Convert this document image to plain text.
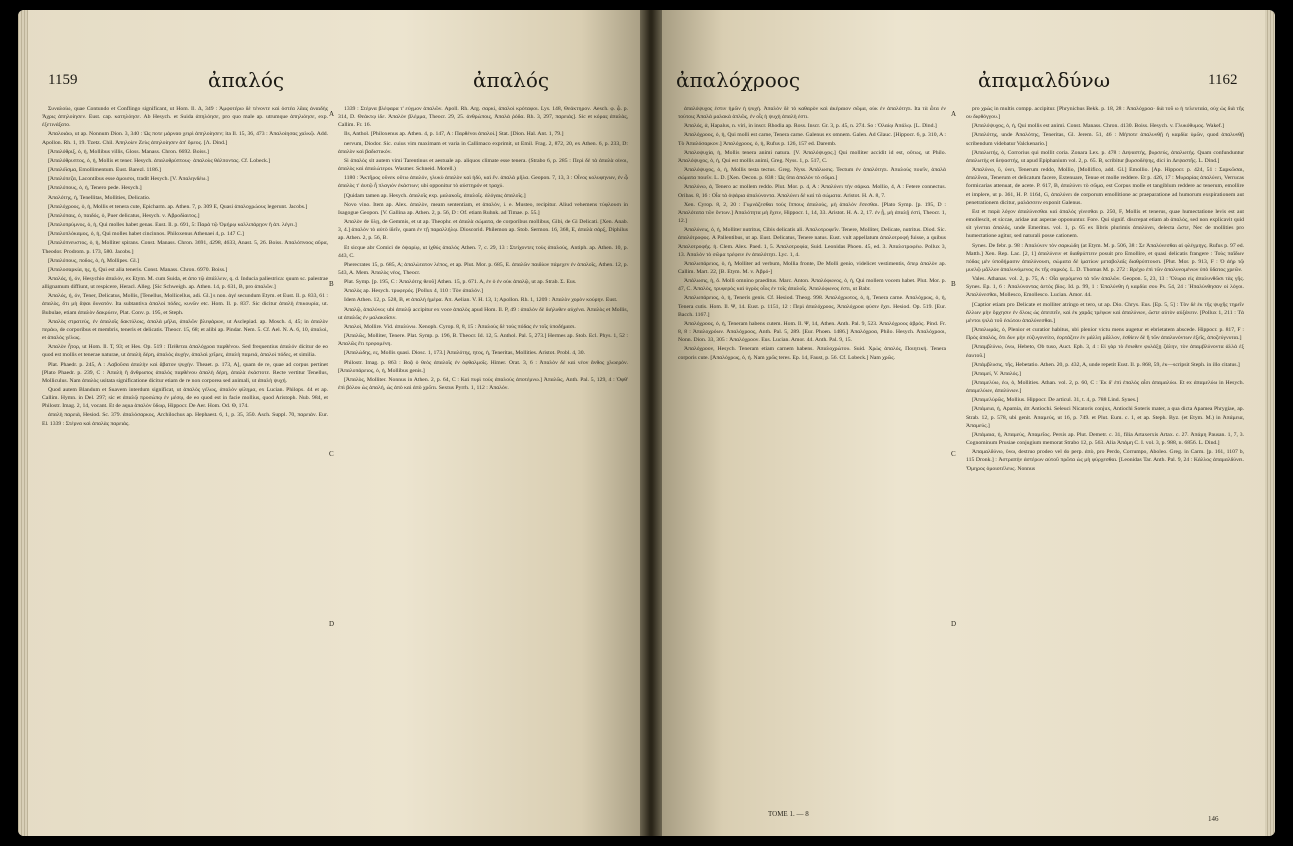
1159	ἀπαλός	ἀπαλός

Συναλοίω, quae Contundo et Conflingo significant, ut Hom. Il. Δ, 349 : Ἀμφοτέρω δὲ τένοντε καὶ ὀστέα λᾶας ἀναιδὴς Ἄχρις ἀπηλοίησεν. Eust. cap. κατηλόησε. Ab Hesych. et Suida ἀπηλόησε, pro quo male ap. utrumque ἀπηλιόησε, exp. ἐξετινάξατο.

Ἀπαλοιάω, ut ap. Nonnum Dion. 3, 340 : Ὡς ποτε μάρναο χειρὶ ἀπηλοίησεν; ita Il. 15, 36, 473 : Ἀπαλοίησας χαλκῷ. Add. Apollon. Rh. 1, 19. Tzetz. Chil. Ἀπηλοίεν Ζεὺς ἀπηλοίησεν ἀπ' ὄρεος. [Λ. Dind.]

[Ἀπαλόθριξ, ὁ, ἡ, Mollibus villis, Gloss. Manass. Chron. 6692. Boiss.]

[Ἀπαλόθρυπτος, ὁ, ἡ, Mollis et tener. Hesych. ἀπαλοθρύπτους· ἀπαλοὺς θάλποντας. Cf. Lobeck.]

[Ἀπαλόϊσμα, Emollimentum. Eust. Barezl. 1186.]

[Ἀπαλόπεζα, Lacontibus esse ἀμοισοι, tradit Hesych. [V. Ἀπαληνδέω.]

[Ἀπαλόπους, ὁ, ἡ, Tenero pede. Hesych.]

Ἀπαλότης, ἡ, Tenellitas, Mollities, Delicatio.

[Ἀπαλόχροος, ὁ, ἡ, Mollis et tenera cute, Epicharm. ap. Athen. 7, p. 309 E, Quasi ἀπαλοχρώους legerunt. Jacobs.]

[Ἀπαλόπαις, ὁ, παιδός, ὁ, Puer delicatus, Hesych. v. Ἁβροδίαιτος.]

[Ἀπαλοπρύμνος, ὁ, ἡ, Qui molles habet genas. Eust. Il. p. 691, 5: Παρὰ τῷ Ὁμήρῳ καλλιπάρῃον ἢ ἀπ. λέγει.]

[Ἀπαλοπλόκαμος, ὁ, ἡ, Qui molles habet cincinnos. Philoxenus Athenaei 4, p. 147 C.]

[Ἀπαλόπνευστος, ὁ, ἡ, Molliter spirans. Const. Manass. Chron. 3691, 4298, 4633, Anast. 5, 26. Boiss. Ἀπαλόπνοος αὔρα, Theodor. Prodrom. p. 173, 580. Jacobs.]

[Ἀπαλόπους, ποδος, ὁ, ἡ, Mollipes. Gl.]

[Ἀπαλοσαρκία, ης, ἡ, Qui est alia teneris. Const. Manass. Chron. 6970. Boiss.]

Ἀπαλός, ή, όν, Hesychio ἁπαλόν, ex Etym. M. cum Suida, et ἀπο τῷ ἁπάλλειν, q. d. Inducia paliestrica: quum sc. palestrae allignamum diffiunt, ut respicere, Heracl. Alleg. [Sic Schweigh. ap. Athen. 14, p. 631, B, pro ἀπαλῶν.]

Ἁπαλός, ή, όν, Tener, Delicatus, Mollis, [Tenellus, Mollicellus, adi. Gl.] s non. ἀγέ secundum Etym. et Eust. Il. p. 833, 61 : ἁπαλὸς, ὅτι μὴ ἅψαι δυνατόν. Ita subtantiva ἀπαλοὶ πόδες, κυνῶν etc. Hom. Il. p. 837. Sic dicitur ἁπαλὴ ἐπικουρία, ut. Bubulae, etiam ἀπαλὸν δακρύειν, Plat. Conv. p. 195, et Steph.

Ἀπαλὸς στρατεὺς, ἐν ἁπαλοῖς δακτύλοις, ἁπαλὰ μῆλα, ἁπαλῶν βλεφάρων, ut Asclepiad. ap. Mosch. 4, 45; in ἁπαλὸν περάω, de corporibus et membris, teneris et delicatis. Theocr. 15, 68; et alibi ap. Pindar. Nem. 5. Cf. Ael. N. A. 6, 10, ἁπαλοὶ, et ἁπαλὸς γέλως.

Ἁπαλὸν ἦτορ, ut Hom. Il. Τ, 93; et Hes. Op. 519 : Πείθεται ἁπαλόχροα παρθένου. Sed frequentius ἁπαλόν dicitur de eo quod est mollis et tenerae naturae, ut ἁπαλὴ δέρη, ἁπαλὸς ἀυχὴν, ἁπαλαὶ χεῖρες, ἁπαλὴ παρειά, ἁπαλοὶ πόδες, et similia.

Plat. Phaedr. p. 245, A : Λαβοῦσα ἁπαλὴν καὶ ἄβατον ψυχήν. Theaet. p. 173, A], quam de re, quae ad corpus pertinet [Plato Phaedr. p. 239, C : Ἁπαλὴ ἢ ἄνθρωπος ἁπαλὸς παρθένου ἁπαλὴ δέρη, ἁπαλὰ ἑκάστοτε. Recte vertitur Tenellus, Molliculus. Nam ἁπαλὸς usitata significatione dicitur etiam de re non corporea sed animali, ut ἁπαλὴ ψυχή.

Quod autem Blandum et Suavem interdum significat, ut ἁπαλὸς γέλως, ἁπαλὸν φίλημα, ex Lucian. Philops. 44 et ap. Callim. Hymn. in Del. 297; sic et ἁπαλῷ προσώπῳ ἐν μέσῳ, de eo quod est in facie mollius, quod Aristoph. Nub. 984, et Philostr. Imag. 2, 14, vocant. Et de aqua ἁπαλὸν ὕδωρ, Hippocr. De Aer. Hom. Od. Θ, 174.

ἁπαλὴ παρειὰ, Hesiod. Sc. 379. ἁπαλόσαρκος, Archilochus ap. Hephaest. 6, 1, p. 35, 350. Asch. Suppl. 70, παρειὰν. Eur. El. 1339 : Στέρνα καὶ ἁπαλὰς παρειάς.

1339 : Στέρνα βλέφαρα τ' εὐγμον ἁπαλῶν. Apoll. Rh. Arg. σαρκί, ἁπαλοὶ κρόταφοι. Lys. 148, Θεάκτηρον. Aesch. φ. ᾧ. p. 314, D. Θεάκτῳ ἰδε. Ἀπαλὸν βλέμμα, Theocr. 29, 25. ἀνθρώποις, Ἀπαλὰ ῥόδα. Rh. 3, 297, παρειάς]. Sic et κόρας ἀπαλὰς, Callim. Fr. 16.

Ils, Anthol. [Philoxenus ap. Athen. 4, p. 147, A : Παρθένοι ἁπαλοί.] Stat. [Dion. Hal. Ant. 1, 79.]

nervum, Diodor. Sic. cuius vim maximam et varia in Callimaco exprimit, ut Emil. Frag. 2, 872, 20, ex Athen. 6, p. 233, D: ἁπαλὸν καὶ βαδιστικόν.

Si ἁπαλὸς sit autem vimi Tarentinus et aestuale ap. aliquos climate esse tenera. (Strabo 6, p. 285 : Περὶ δὲ τὰ ἀπαλὰ οἰνοι, ἁπαλὸς καὶ ἀπαλώτεροι. Wasmer. Schneid. Morell.)

1180 : Ἄκτῆρος οὕνεκ οὕτω ἁπαλόν, γλυκὺ ἁπαλὸν καὶ ἡδύ, καὶ ἕν. ἁπαλὰ μῆλα. Geopon. 7, 13, 3 : Οἶνος κολυφηνων, ἐν ᾧ ἁπαλὸς τ' ἀυτῷ ἦ πλαγιὸν ἐκάστων; ubi opponitur τὸ αὐστηρόν et τραχύ.

[Quidam tamen ap. Hesych. ἁπαλοῖς exp. μαλακοῖς, ἀπαλοῖς. ἁλόγαις ἁπαλοῖς.]

Novo vino. Item ap. Alex. ἁπαλὸν, meam sententiam, et ἁπαλὸν, i. e. Musteo, recipitur. Aliud vehemens τύφλουσι in Isagogue Geopon. [V. Gallina ap. Athen. 2, p. 56, D : Of. etiam Ruhnk. ad Timae. p. 55.]

Ἀπαλὸν de ὕλῃ, de Gemmis, et ut ap. Theophr. et ἁπαλὰ σώματα, de corporibus mollibus, Gibi, de Gi Delicati. [Xen. Anab. 3, 4.] ἀπαλὸν τὸ αὐτὸ ἰδεῖν, quam ἐν τῇ παραλλήλῳ. Dioscorid. Philemon ap. Stob. Sermon. 16, 368, E, ἀπαλὰ σάρξ, Diphilus ap. Athen. 2, p. 56, B.

Et sicque abr Comici de ὀψαρίῳ, ut ἰχθύς ἁπαλός Athen. 7, c. 29, 13 : Στείχοντες τοὺς ἁπαλοὺς, Antiph. ap. Athen. 10, p. 443, C.

Pherecrates 15, p. 685, A; ἁπαλώτατον λέπος, et ap. Plut. Mor. p. 685, E. ἀπαλῶν παιδίων πάρεχεν ἐν ἀπαλοῖς, Athen. 12, p. 543, A. Mem. Ἁπαλὸς νέος, Theocr.

Plat. Symp. [p. 195, C : Ἁπαλότης θεοῦ] Athen. 15, p. 671. A, ἐν ὁ ἐν οὐκ ἁπαλῷ, ut ap. Strab. Σ. Eus.

Ἀπαλὸς ap. Hesych. τρυφερός. [Pollux 4, 110 : Τὸν ἀπαλόν.]

Idem Athen. 12, p. 528, B, et ἀπαλὴ ἡμέρα. Ἀπ. Aelian. V. H. 13, 1; Apollon. Rh. 1, 1209 : Ἁπαλὸν χορὸν κούρην. Eust.

Ἁπαλῷ, ἁπαλύνω; ubi ἁπαλῷ accipitur ex voce ἁπαλὸς apud Hom. Il. Ρ, 49 : ἁπαλὸν δὲ διήλυθεν αὐχένα. Ἁπαλὸς et Mollis, ut ἀπαλῶς ἐν μαλακοῖσιν.

Ἁπαλοὶ, Mollire. Vid. ἀπαλύνω. Xenoph. Cyrop. 8, 8, 15 : Ἀπαλοὺς δὲ τοὺς πόδας ἐν τοῖς ὑποδήμασι.

[Ἀπαλῶς, Molliter, Tenere. Plat. Symp. p. 196, B. Theocr. Id. 12, 5. Anthol. Pal. 5, 273.] Hermes ap. Stob. Ecl. Phys. 1, 52 : Ἀπαλῶς ἔτι τρεφομένη.

[Ἀπαλώδης, ες, Mollis quasi. Diosc. 1, 173.] Ἁπαλότης, ητος, ἡ, Teneritas, Mollities. Aristot. Probl. 4, 30.

Philostr. Imag. p. 863 : Βοᾷ ὁ θεὸς ἁπαλοῖς ἐν ὀφθαλμοῖς. Himer. Orat. 3, 6 : Ἀπαλὸν δὲ καὶ νέον ἄνθος χλωερόν. [Ἀπαλοπάρειος, ὁ, ἡ, Mollibus genis.]

[Ἀπαλὸς, Molliter. Nonnus in Athen. 2, p. 64, C : Καὶ πυρὶ τοὺς ἀπαλοὺς ἀποτέμνω.] Ἁπαλῶς, Anth. Pal. 5, 129, 4 : Ὀφθ' ἐπὶ βόλου ὡς ἁπαλή, ὡς ἀπὸ καὶ ἀπὸ χρῶτι. Sextus Pyrrh. 1, 112 : Ἀπαλόν.

A
B
C
D
ἀπαλόχροος	ἀπαμαλδύνω	1162

ἁπαλόψυχος ἐστιν ἡμῶν ἡ ψυχή. Ἀπαλὸν δὲ τὸ καθαρὸν καὶ ἀκέραιον σῶμα, οὐκ ἐν ἁπαλότητι. Ita τὰ ὦτα ἐν τούτοις Ἀπαλὰ μαλακὰ ἁπλῶς, ἐν οἷς ἡ ψυχὴ ἁπαλὴ ἐστι.

Ἀπαλός, ἁ, Hapalus, n. viri, in inscr. Rhodia ap. Ross. Inscr. Gr. 3, p. 45, n. 274. So : Ὀλαίῳ Ἀπάλῳ. [L. Dind.]

Ἀπαλόχροος, ὁ, ἡ, Qui molli est carne, Tenera carne. Galenus ex omnem. Galen. Ad Glauc. [Hippocr. 6, p. 310, A : Τὸ Ἀπαλόσαρκον.] Ἀπαλόχροος, ὁ, ἡ, Rufus p. 126, 157 ed. Daremb.

Ἀπαλοψυχία, ἡ, Mollis tenera animi natura. [V. Ἀπαλόψυχος.] Qui molliter accidit id est, οὔτως, ut Philo. Ἀπαλόψυχος, ὁ, ἡ, Qui est mollis animi, Greg. Nyss. 1, p. 517, C.

Ἀπαλόψυχος, ὁ, ἡ, Mollis testa tectus. Greg. Nyss. Ἀπάλωσις. Tectum ἐν ἁπαλότητι. Ἀπαλοὺς ποιεῖν, ἁπαλὰ σώματα ποιεῖν. L. D. [Xen. Oecon. p. 838 : Ὡς ὕπα ἁπαλὸν τὸ σῶμα.]

Ἀπαλύνω, ἁ, Tenero ac mollem reddo. Plut. Mor. p. 4, A : Ἀπαλύνει τὴν σάρκα. Mollio, 4, A : Fetere connectus. Oribas. 8, 16 : Οἷα τὰ ὀψάρια ἁπαλύνοντα. Ἁπαλύνει δὲ καὶ τὰ σώματα. Aristot. H. A. 8, 7.

Xen. Cyrop. 8, 2, 20 : Γυμνάζεσθαι τοὺς ἵππους ἁπαλοὺς, μὴ ἁπαλὸν ἔσεσθαι. [Plato Symp. [p. 195, D : Ἁπαλότατα τῶν ὄντων.] Ἀπαλότητα μὴ ἔχειν, Hippocr. 1, 14, 33. Aristot. H. A. 2, 17. ἐν ᾗ, μὴ ἁπαλῇ ἐστὶ, Theocr. 1, 12.]

Ἀπαλύνεις, ὁ, ἡ, Molliter nutritus, Cibis delicatis ali. Ἀπαλοτροφεῖν. Tenere, Molliter, Delicate, nutritus. Diod. Sic. ἁπαλότροφος. A Pallentibus, ut ap. Eust. Delicatus, Tenere natus. Eust. vult appellatum ἀπαλοτροφή fuisse, a quibus Ἀπαλοτροφής. ἡ. Clem. Alex. Paed. 1, 5. Ἀπαλοτροφία, Suid. Leonidas Phoen. 45, ed. 3. Ἀπαλοτροφέω. Pollux 3, 13. Ἀπαλὸν τὸ σῶμα τρέφειν ἐν ἁπαλότητι. Lyc. 1, 4.

Ἀπαλωπάρειος, ὁ, ἡ, Molliter ad verbum, Mollia fronte, De Molli genio, videlicet vestimentis, ὅπερ ἁπαλὸν ap. Callim. Mart. 22, [B. Etym. M. v. Ἀβρό-]

Ἀπάλωσις, ἡ, ὅ. Molli omnino praeditus. Marc. Anton. Ἀπαλόφωνος, ὁ, ἡ, Qui mollem vocem habet. Plut. Mor. p. 47, C. Ἀπαλὸς, τρυφερὸς καὶ ὑγρὸς οἷος ἐν τοῖς ἁπαλοῖς. Ἀπαλόφωνος ἐστι, ut Babr.

Ἀπαλωπάρειος, ὁ, ἡ, Teneris genis. Cf. Hesiod. Theog. 998. Ἀπαλόχρωτος, ὁ, ἡ, Tenera carne. Ἀπαλόχρως, ὁ, ἡ, Tenera cutis. Hom. Il. Ψ, 14. Eust. p. 1151, 12 : Περὶ ἁπαλόχροος, Ἀπαλόχροα φύσιν ἔχει. Hesiod. Op. 519. [Eur. Bacch. 1167.]

Ἀπαλόχροος, ὁ, ἡ, Teneram habens cutem. Hom. Il. Ψ, 14, Athen. Anth. Pal. 9, 523. Ἀπαλόχροος ἁβρός. Pind. Fr. 8, 8 : Ἀπαλοχρόων. Ἀπαλόχροος, Anth. Pal. 5, 289. [Eur. Phoen. 1486.] Ἀπαλόχροα, Philo. Hesych. Ἀπαλόχροοι, Nonn. Dion. 33, 305 : Ἀπαλόχροον. Eus. Lucian. Amor. 44. Anth. Pal. 9, 15.

Ἀπαλόχροον, Hesych. Teneram etiam carnem habens. Ἀπαλοχρώτου. Suid. Χρὼς ἁπαλός, Ποιητική. Tenera corporis cute. [Ἀπαλόχρως, ὁ, ἡ. Nam χρῶς teres. Ep. 14, Faust, p. 56. Cf. Lobeck.] Nam χρῶς.

pro χρὼς in multis compp. accipitur. [Phrynichus Bekk. p. 18, 28 : Ἀπαλόχροα· διὰ τοῦ ω ἡ τελευταία, οὐχ ὡς διὰ τῆς ου διφθόγγου.]

[Ἀπαλόψυχος, ὁ, ἡ, Qui mollis est animi. Const. Manass. Chron. 4130. Boiss. Hesych. v. Γλυκόθυμος. Wakef.]

[Ἀπαλότης, unde Ἀπαλότης, Teneritas, Gl. Jerem. 51, 46 : Μήποτε ἁπαλυνθῇ ἡ καρδία ὑμῶν, quod ἁπαλυνθῇ scribendum videbatur Valckenario.]

[Ἀπαλωτής, ὁ, Corrorius qui mollit coria. Zonara Lex. p. 478 : Δεψαστής, βυρσεύς, ἁπαλωτής. Quam confunduntur ἁπαλωτὴς et δεψαστής, ut apud Epiphanium vol. 2, p. 65. B, scribitur βυρσοδέψης, dici in Δεψαστῆς. L. Dind.]

Ἀπαλύνω, ῡ, ύνει, Tenerum reddo, Mollio, [Mollifico, add. Gl.] Emollio. [Ap. Hippocr. p. 424, 51 : Σαρκῶσαι, ἁπαλῦναι, Tenerum et delicatum facere, Extenuare, Tenue et molle reddere. Et p. 426, 17 : Μυραρίας ἁπαλύνει, Verrucas formicarias attenuat, de acete. P. 617, B, ἁπαλύνει τὸ σῶμα, est Corpus molle et tangiblum reddere ac tenerum, emollire et implere, ut p. 361, H. P. 1164, G, ἁπαλύνει de corporum emollitione ac praeparatione ad humorum exspirationem aut penetrationem dicitur, μαλάσσειν exponit Galenus.

Est et παρὰ λόγον ἁπαλύνεσθαι καὶ ἁπαλός γίνεσθαι p. 250, F, Mollis et tenerus, quae humectatione levis est aut emollescit, et siccae, aridae aut asperae opponuntur. Fore. Qui signif. discrepat etiam ab ἁπαλός, sed non explicavit quid sit γίνεται ἁπαλός, unde Emeritus. vol. 1, p. 65 ex Iibris plurimis ἁπαλύνει, delecta ὥστε, Nec de mollities pro humectatione agitur, sed naturali posse cationem.

Synes. De febr. p. 98 : Ἀπαλύνεν τὸν σαρκώδη (at Etym. M. p. 506, 38 : Σε Ἀπαλύνεσθαι αἱ φλέγμηγς. Rufus p. 97 ed. Matth.] Xen. Rep. Lac. [2, 1] ἁπαλύνειν et διαθρύπτειν posuit pro Emollire, et quasi delicatis frangere : Τοὺς παῖδων πόδας μὲν ὑποδήμασιν ἁπαλύνουσι, σώματα δὲ ἱματίων μεταβολαῖς διαθρύπτουσι. [Plut. Mor. p. 913, F : Ὁ ἀὴρ τῷ μυελῷ μᾶλλον ἁπαλυνόμενος ἐκ τῆς σαρκός. L. D. Thomas M. p. 272 : Βρέχω ἐπὶ τῶν ἁπαλυνομένων ὑπὸ ὕδατος χρεῶν.

Vales. Athanas. vol. 2, p. 75, A : Οἷα φερόμενα τὰ τῶν ἁπαλῶν. Geopon. 5, 23, 13 : Ὄλυρα εἰς ἁπαλυνθῶσι τὰς γῆς. Synes. Ep. 1, 6 : Ἀπαλύνοντας ἀετὸς βίος. Id. p. 99, 1 : Ἐπαλύνθη ἡ καρδία σου Ps. 54, 24 : Ἡπαλύνθησαν οἱ λόγοι. Ἀπαλύνεσθαι, Mollesco, Emollesco. Lucian. Amor. 44.

[Captior etiam pro Delicate et molliter atringo et tero, ut ap. Dio. Chrys. Eus. [Ep. 5, 5] : Τὸν δὲ ἐκ τῆς ψυχῆς τηρεῖν ἄλλων μὴν ὄρχησιν ἐν ὅλοις ὡς ἀπειπεῖν, καὶ ἐκ χαρᾶς τρέφων καὶ ἁπαλύνων, ὥστε αὐτὸν αὐξάνειν. [Pollux 1, 211 : Τὰ μέντοι ψιλὰ τοῦ ἐσώτου ἁπαλύνεσθαι.]

[Ἀπαλωμάς, ὁ, Plenior et curatior habitus, ubi plenior victu mens augetur et ebrietatem abscede. Hippocr. p. 817, F : Πρὸς ἀπαλὸς, ὅτι δυν μὴν εὐζυγονείτο, ἐορτάζειν ἐν μάλλη μᾶλλον, ἐσθίειν δὲ ἢ τῶν ἀπαλυνόντων ἐξεῖς, ἀποζεύγνυται.]

[Ἀπαμβλύνω, ῠνω, Hebeto, Ob tuso, Auct. Eph. 3, 4 : Εἰ γὰρ τὸ ἔσωθεν φυλάξῃ ζάλην, τὸν ἁπαμβλύνοντα ἀλλὰ ἐξ ἑαυτοῦ.]

[Ἀπάμβλυσις, τῆς, Hebetatio. Athen. 20, p. 432, A, unde repetit Eust. Il. p. 868, 59, ἐκ—scripsit Steph. in illo citatus.]

[Ἀπαμεί, V. Ἀπαλός.]

[Ἀπαμελύω, ἐω, ὁ, Mollities. Athan. vol. 2, p. 60, C : Ἐκ δ' ἐπὶ ἐπαλὸς αἶσι ἁπαμαλύω. Et ex ἀπαμελύω in Hesych. ἁπαμελύων, ἁπαλύνων.]

[Ἀπαμελύρῶς, Mollius. Hippocr. De articul. 31, t. 4, p. 788 Lind. Synes.]

[Ἀπάμεια, ἡ, Apamia, ἁπ Antiochi. Seleuci Nicatoris conjux, Antiochi Soteris mater, a qua dicta Apamea Phrygiae, ap. Strab. 12, p. 578, ubi genit. Ἀπαμεύς, ut 16, p. 749. et Plut. Eum. c. 1, et ap. Steph. Byz. (et Etym. M.) in Ἀπάμεια, Ἀπαμεύς.]

[Ἀπάμαια, ἡ, Ἀπαμεύς, Ἀπαμεῖος. Persis ap. Plut. Demetr. c. 31, filia Artaxerxis Artax. c. 27. Ἀπάμη Pausan. 1, 7, 3. Cognominum Prusiae conjugium memorat Strabo 12, p. 563. Alia Ἀπάμη C. I. vol. 3, p. 988, n. 6856. L. Dind.]

Ἀπαμαλδύνω, ὕνω, destruo prodeo vel do perp. ἀπὸ, pro Perdo, Corrumpo, Aboleo. Greg. in Carm. [p. 161, 1107 b, 115 Dronk.] : Ἀστραπὴν ἀστέρων αὐτοῦ πρῶτα ὡς μὴ φύρχεσθαι. [Leonidas Tar. Anth. Pal. 9, 24 : Κάλλος ἀπαμαλδύνει. Ὅμηρος ὁμοιοτέλευς. Nonnus

A
B
C
D
TOME 1. — 8
146
